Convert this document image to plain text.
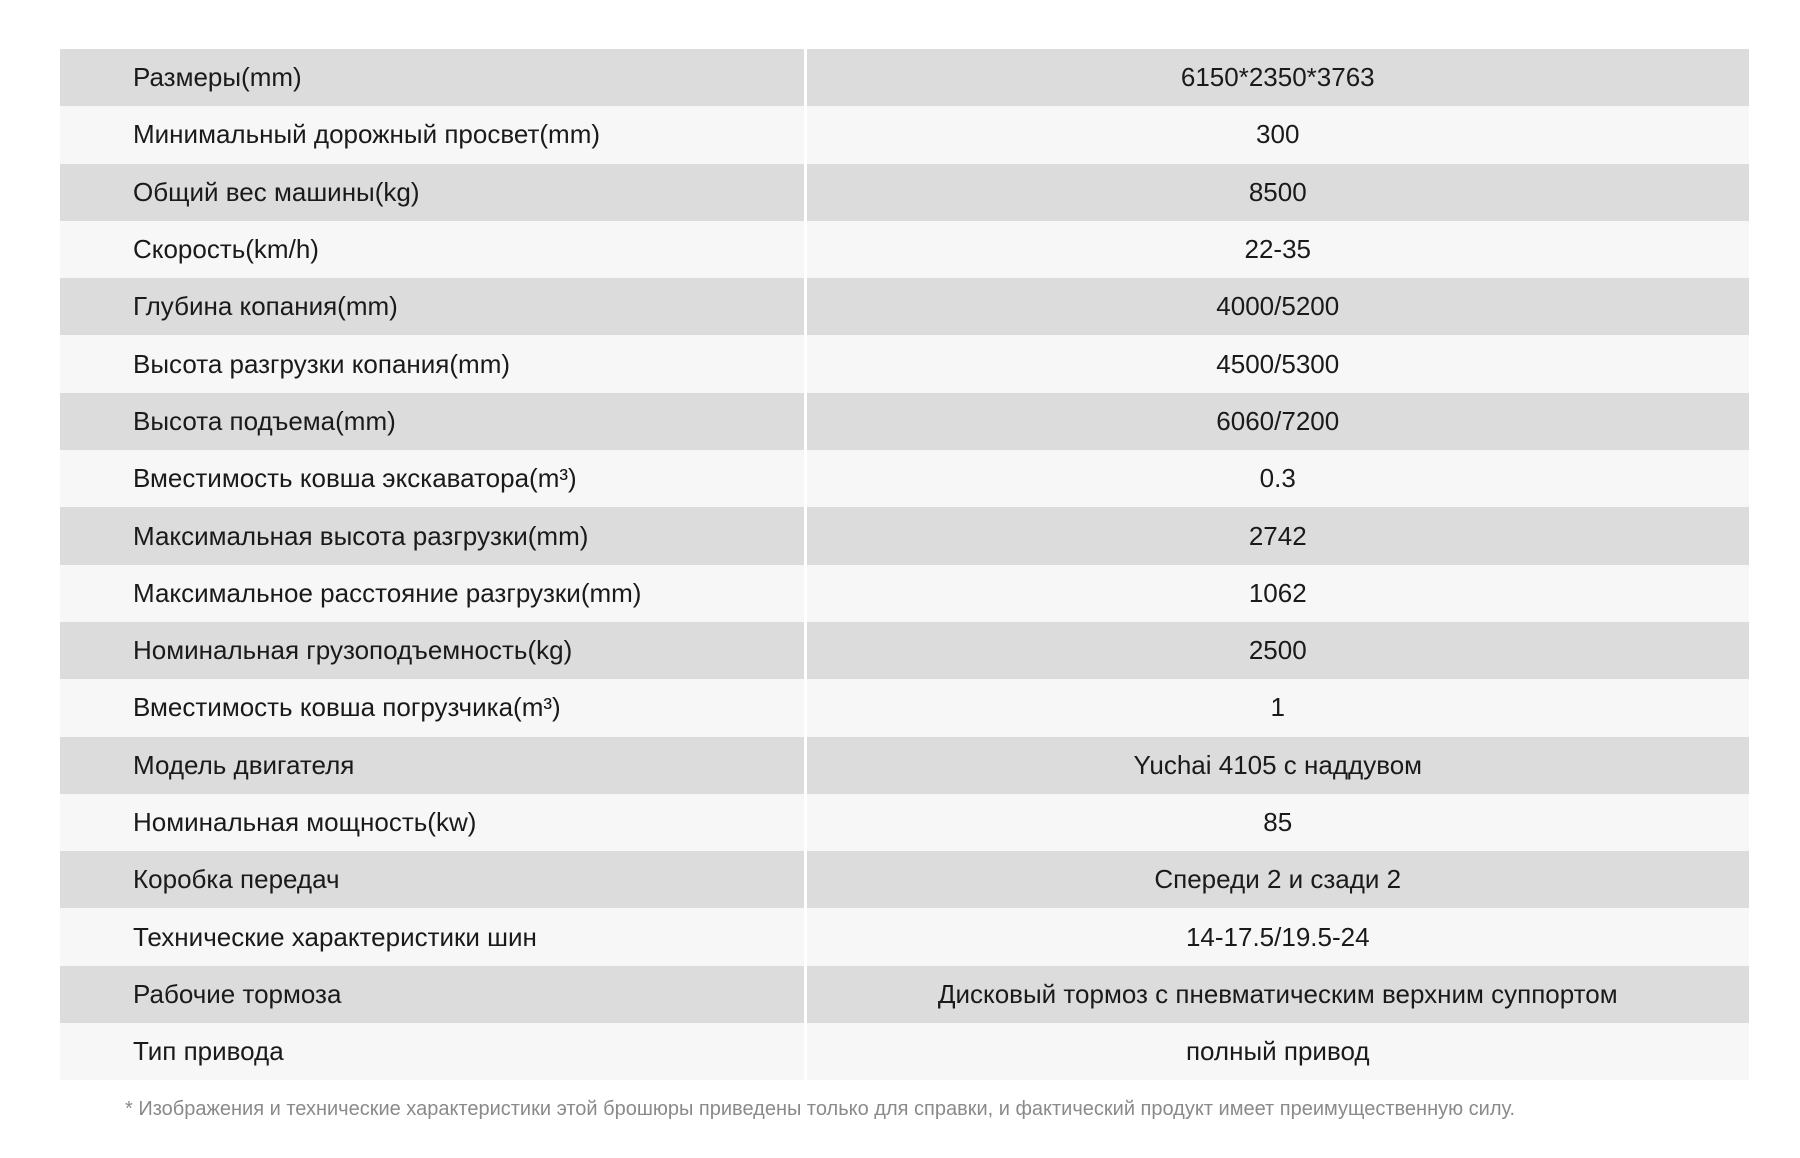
Размеры(mm)	6150*2350*3763
Минимальный дорожный просвет(mm)	300
Общий вес машины(kg)	8500
Скорость(km/h)	22-35
Глубина копания(mm)	4000/5200
Высота разгрузки копания(mm)	4500/5300
Высота подъема(mm)	6060/7200
Вместимость ковша экскаватора(m³)	0.3
Максимальная высота разгрузки(mm)	2742
Максимальное расстояние разгрузки(mm)	1062
Номинальная грузоподъемность(kg)	2500
Вместимость ковша погрузчика(m³)	1
Модель двигателя	Yuchai 4105 с наддувом
Номинальная мощность(kw)	85
Коробка передач	Спереди 2 и сзади 2
Технические характеристики шин	14-17.5/19.5-24
Рабочие тормоза	Дисковый тормоз с пневматическим верхним суппортом
Тип привода	полный привод
* Изображения и технические характеристики этой брошюры приведены только для справки, и фактический продукт имеет преимущественную силу.
